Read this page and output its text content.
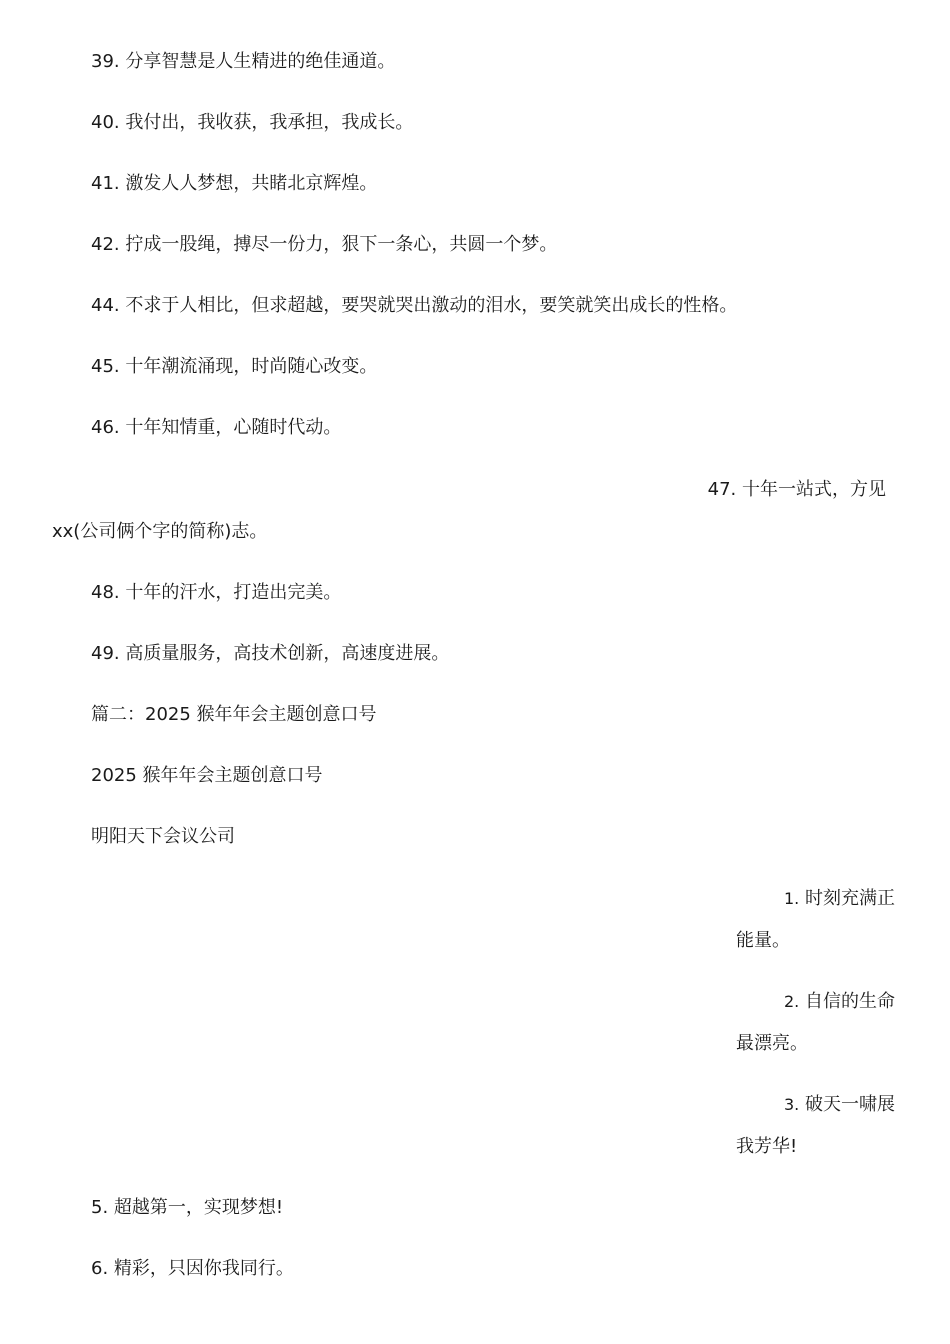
39. 分享智慧是人生精进的绝佳通道。
40. 我付出，我收获，我承担，我成长。
41. 激发人人梦想，共睹北京辉煌。
42. 拧成一股绳，搏尽一份力，狠下一条心，共圆一个梦。
44. 不求于人相比，但求超越，要哭就哭出激动的泪水，要笑就笑出成长的性格。
45. 十年潮流涌现，时尚随心改变。
46. 十年知情重，心随时代动。
47. 十年一站式，方见
xx(公司俩个字的简称)志。
48. 十年的汗水，打造出完美。
49. 高质量服务，高技术创新，高速度进展。
篇二：2025 猴年年会主题创意口号
2025 猴年年会主题创意口号
明阳天下会议公司
1. 时刻充满正
能量。
2. 自信的生命
最漂亮。
3. 破天一啸展
我芳华!
5. 超越第一，实现梦想!
6. 精彩，只因你我同行。
